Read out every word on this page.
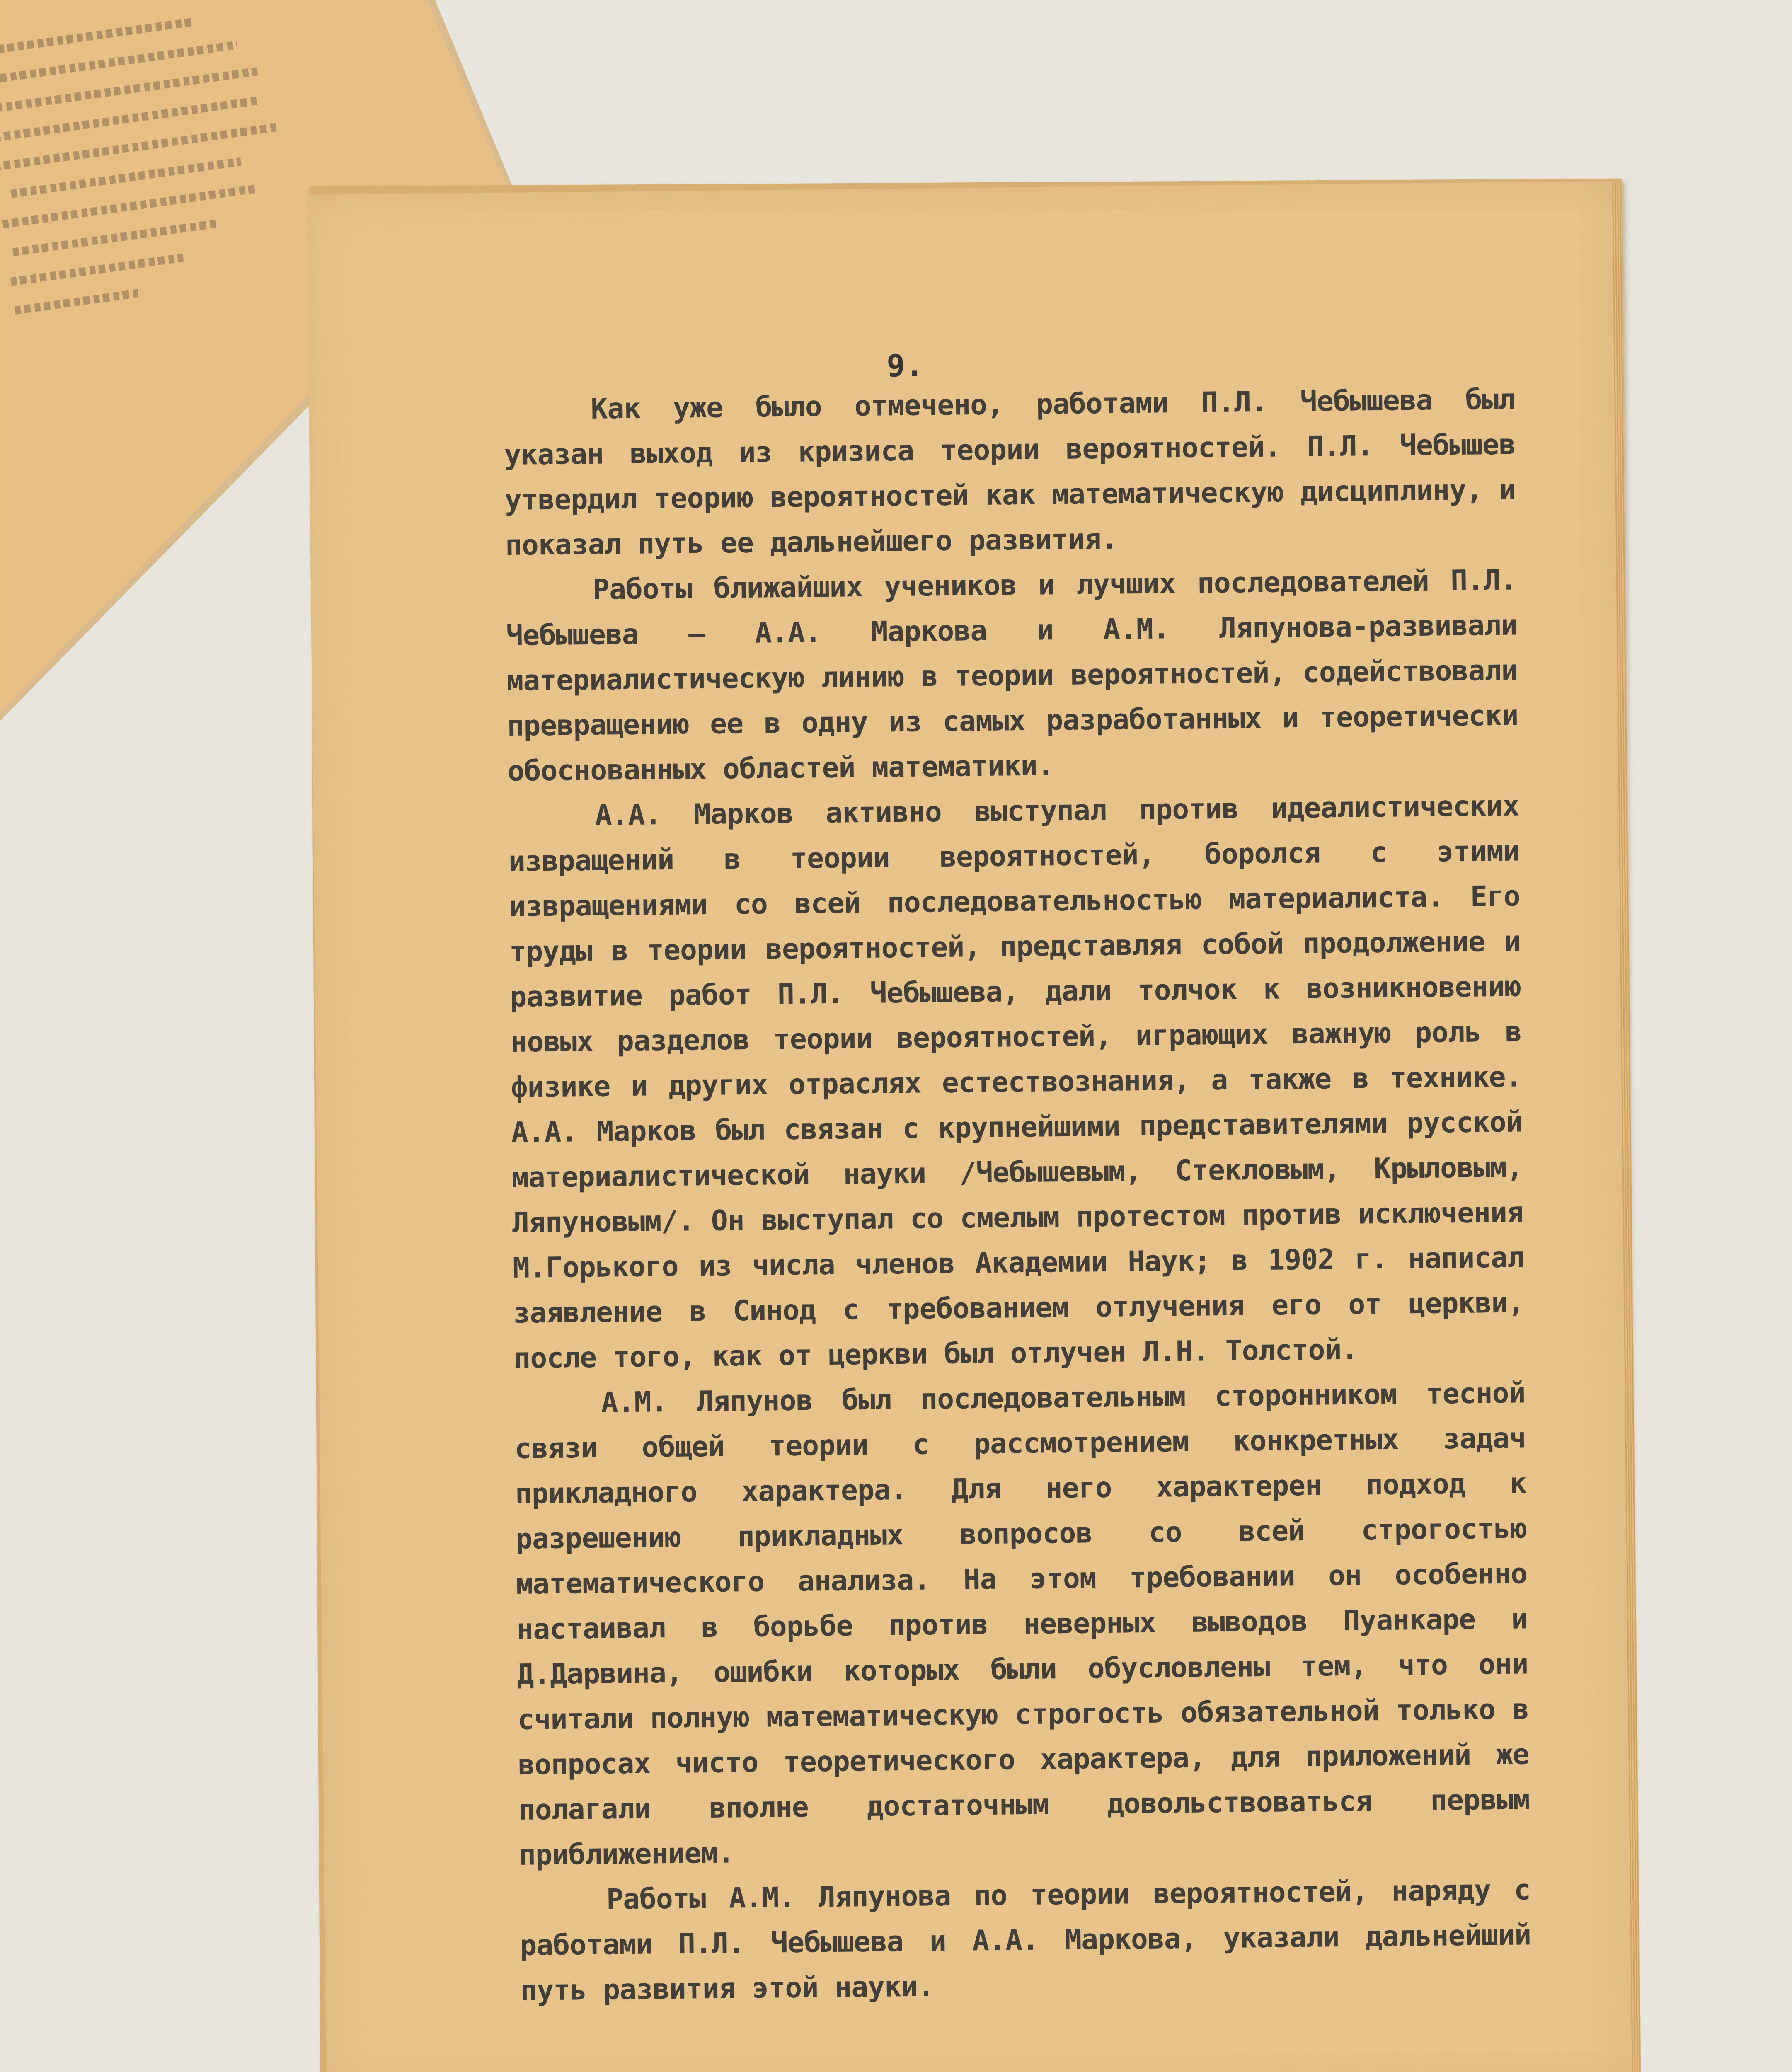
9.

Как уже было отмечено, работами П.Л. Чебышева был указан выход из кризиса теории вероятностей. П.Л. Чебышев утвердил теорию вероятностей как математическую дисциплину, и показал путь ее дальнейшего развития.

Работы ближайших учеников и лучших последователей П.Л. Чебышева – А.А. Маркова и А.М. Ляпунова-развивали материалистическую линию в теории вероятностей, содействовали превращению ее в одну из самых разработанных и теоретически обоснованных областей математики.

А.А. Марков активно выступал против идеалистических извращений в теории вероятностей, боролся с этими извращениями со всей последовательностью материалиста. Его труды в теории вероятностей, представляя собой продолжение и развитие работ П.Л. Чебышева, дали толчок к возникновению новых разделов теории вероятностей, играющих важную роль в физике и других отраслях естествознания, а также в технике. А.А. Марков был связан с крупнейшими представителями русской материалистической науки /Чебышевым, Стекловым, Крыловым, Ляпуновым/. Он выступал со смелым протестом против исключения М.Горького из числа членов Академии Наук; в 1902 г. написал заявление в Синод с требованием отлучения его от церкви, после того, как от церкви был отлучен Л.Н. Толстой.

А.М. Ляпунов был последовательным сторонником тесной связи общей теории с рассмотрением конкретных задач прикладного характера. Для него характерен подход к разрешению прикладных вопросов со всей строгостью математического анализа. На этом требовании он особенно настаивал в борьбе против неверных выводов Пуанкаре и Д.Дарвина, ошибки которых были обусловлены тем, что они считали полную математическую строгость обязательной только в вопросах чисто теоретического характера, для приложений же полагали вполне достаточным довольствоваться первым приближением.

Работы А.М. Ляпунова по теории вероятностей, наряду с работами П.Л. Чебышева и А.А. Маркова, указали дальнейший путь развития этой науки.
